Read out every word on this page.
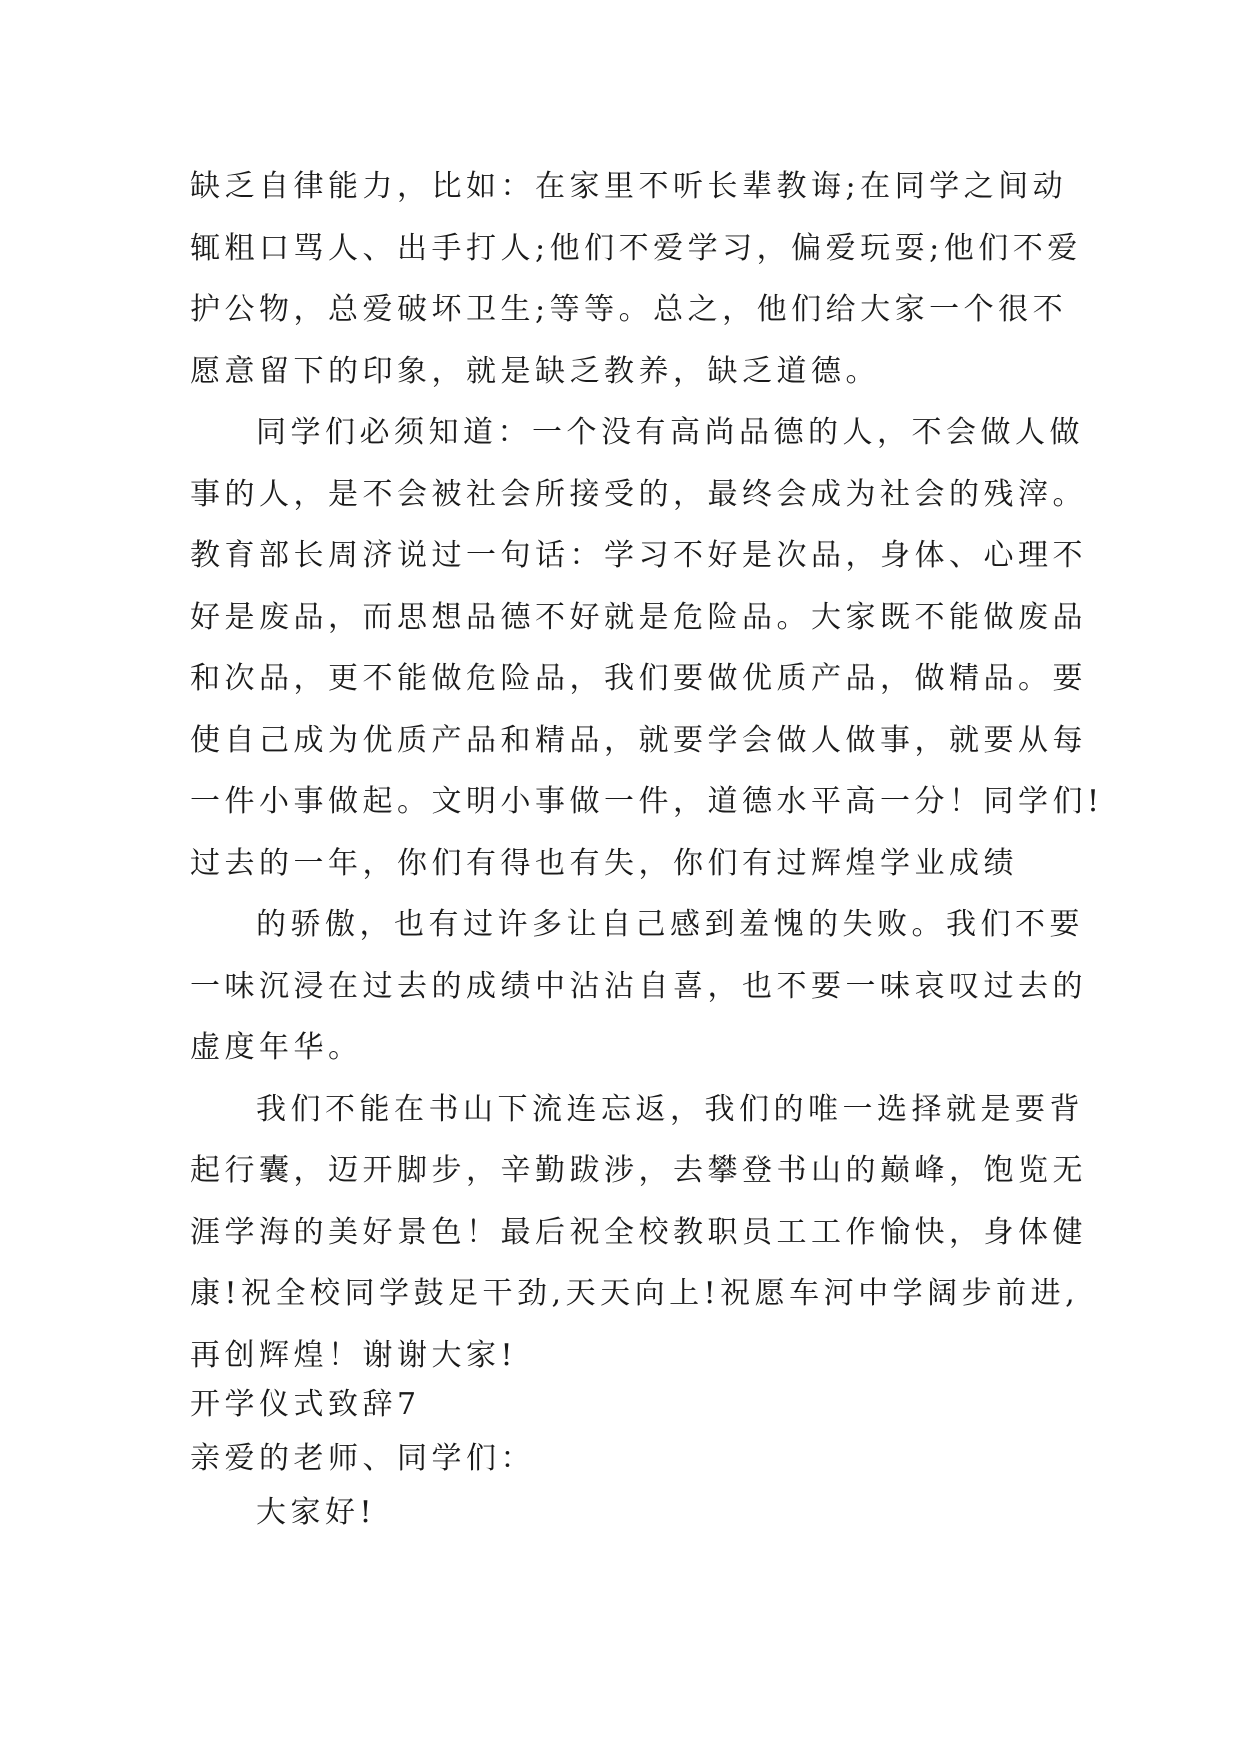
缺乏自律能力，比如：在家里不听长辈教诲;在同学之间动
辄粗口骂人、出手打人;他们不爱学习，偏爱玩耍;他们不爱
护公物，总爱破坏卫生;等等。总之，他们给大家一个很不
愿意留下的印象，就是缺乏教养，缺乏道德。
同学们必须知道：一个没有高尚品德的人，不会做人做
事的人，是不会被社会所接受的，最终会成为社会的残滓。
教育部长周济说过一句话：学习不好是次品，身体、心理不
好是废品，而思想品德不好就是危险品。大家既不能做废品
和次品，更不能做危险品，我们要做优质产品，做精品。要
使自己成为优质产品和精品，就要学会做人做事，就要从每
一件小事做起。文明小事做一件，道德水平高一分！同学们!
过去的一年，你们有得也有失，你们有过辉煌学业成绩
的骄傲，也有过许多让自己感到羞愧的失败。我们不要
一味沉浸在过去的成绩中沾沾自喜，也不要一味哀叹过去的
虚度年华。
我们不能在书山下流连忘返，我们的唯一选择就是要背
起行囊，迈开脚步，辛勤跋涉，去攀登书山的巅峰，饱览无
涯学海的美好景色！最后祝全校教职员工工作愉快，身体健
康!祝全校同学鼓足干劲,天天向上!祝愿车河中学阔步前进,
再创辉煌！谢谢大家!
开学仪式致辞7
亲爱的老师、同学们：
大家好!
